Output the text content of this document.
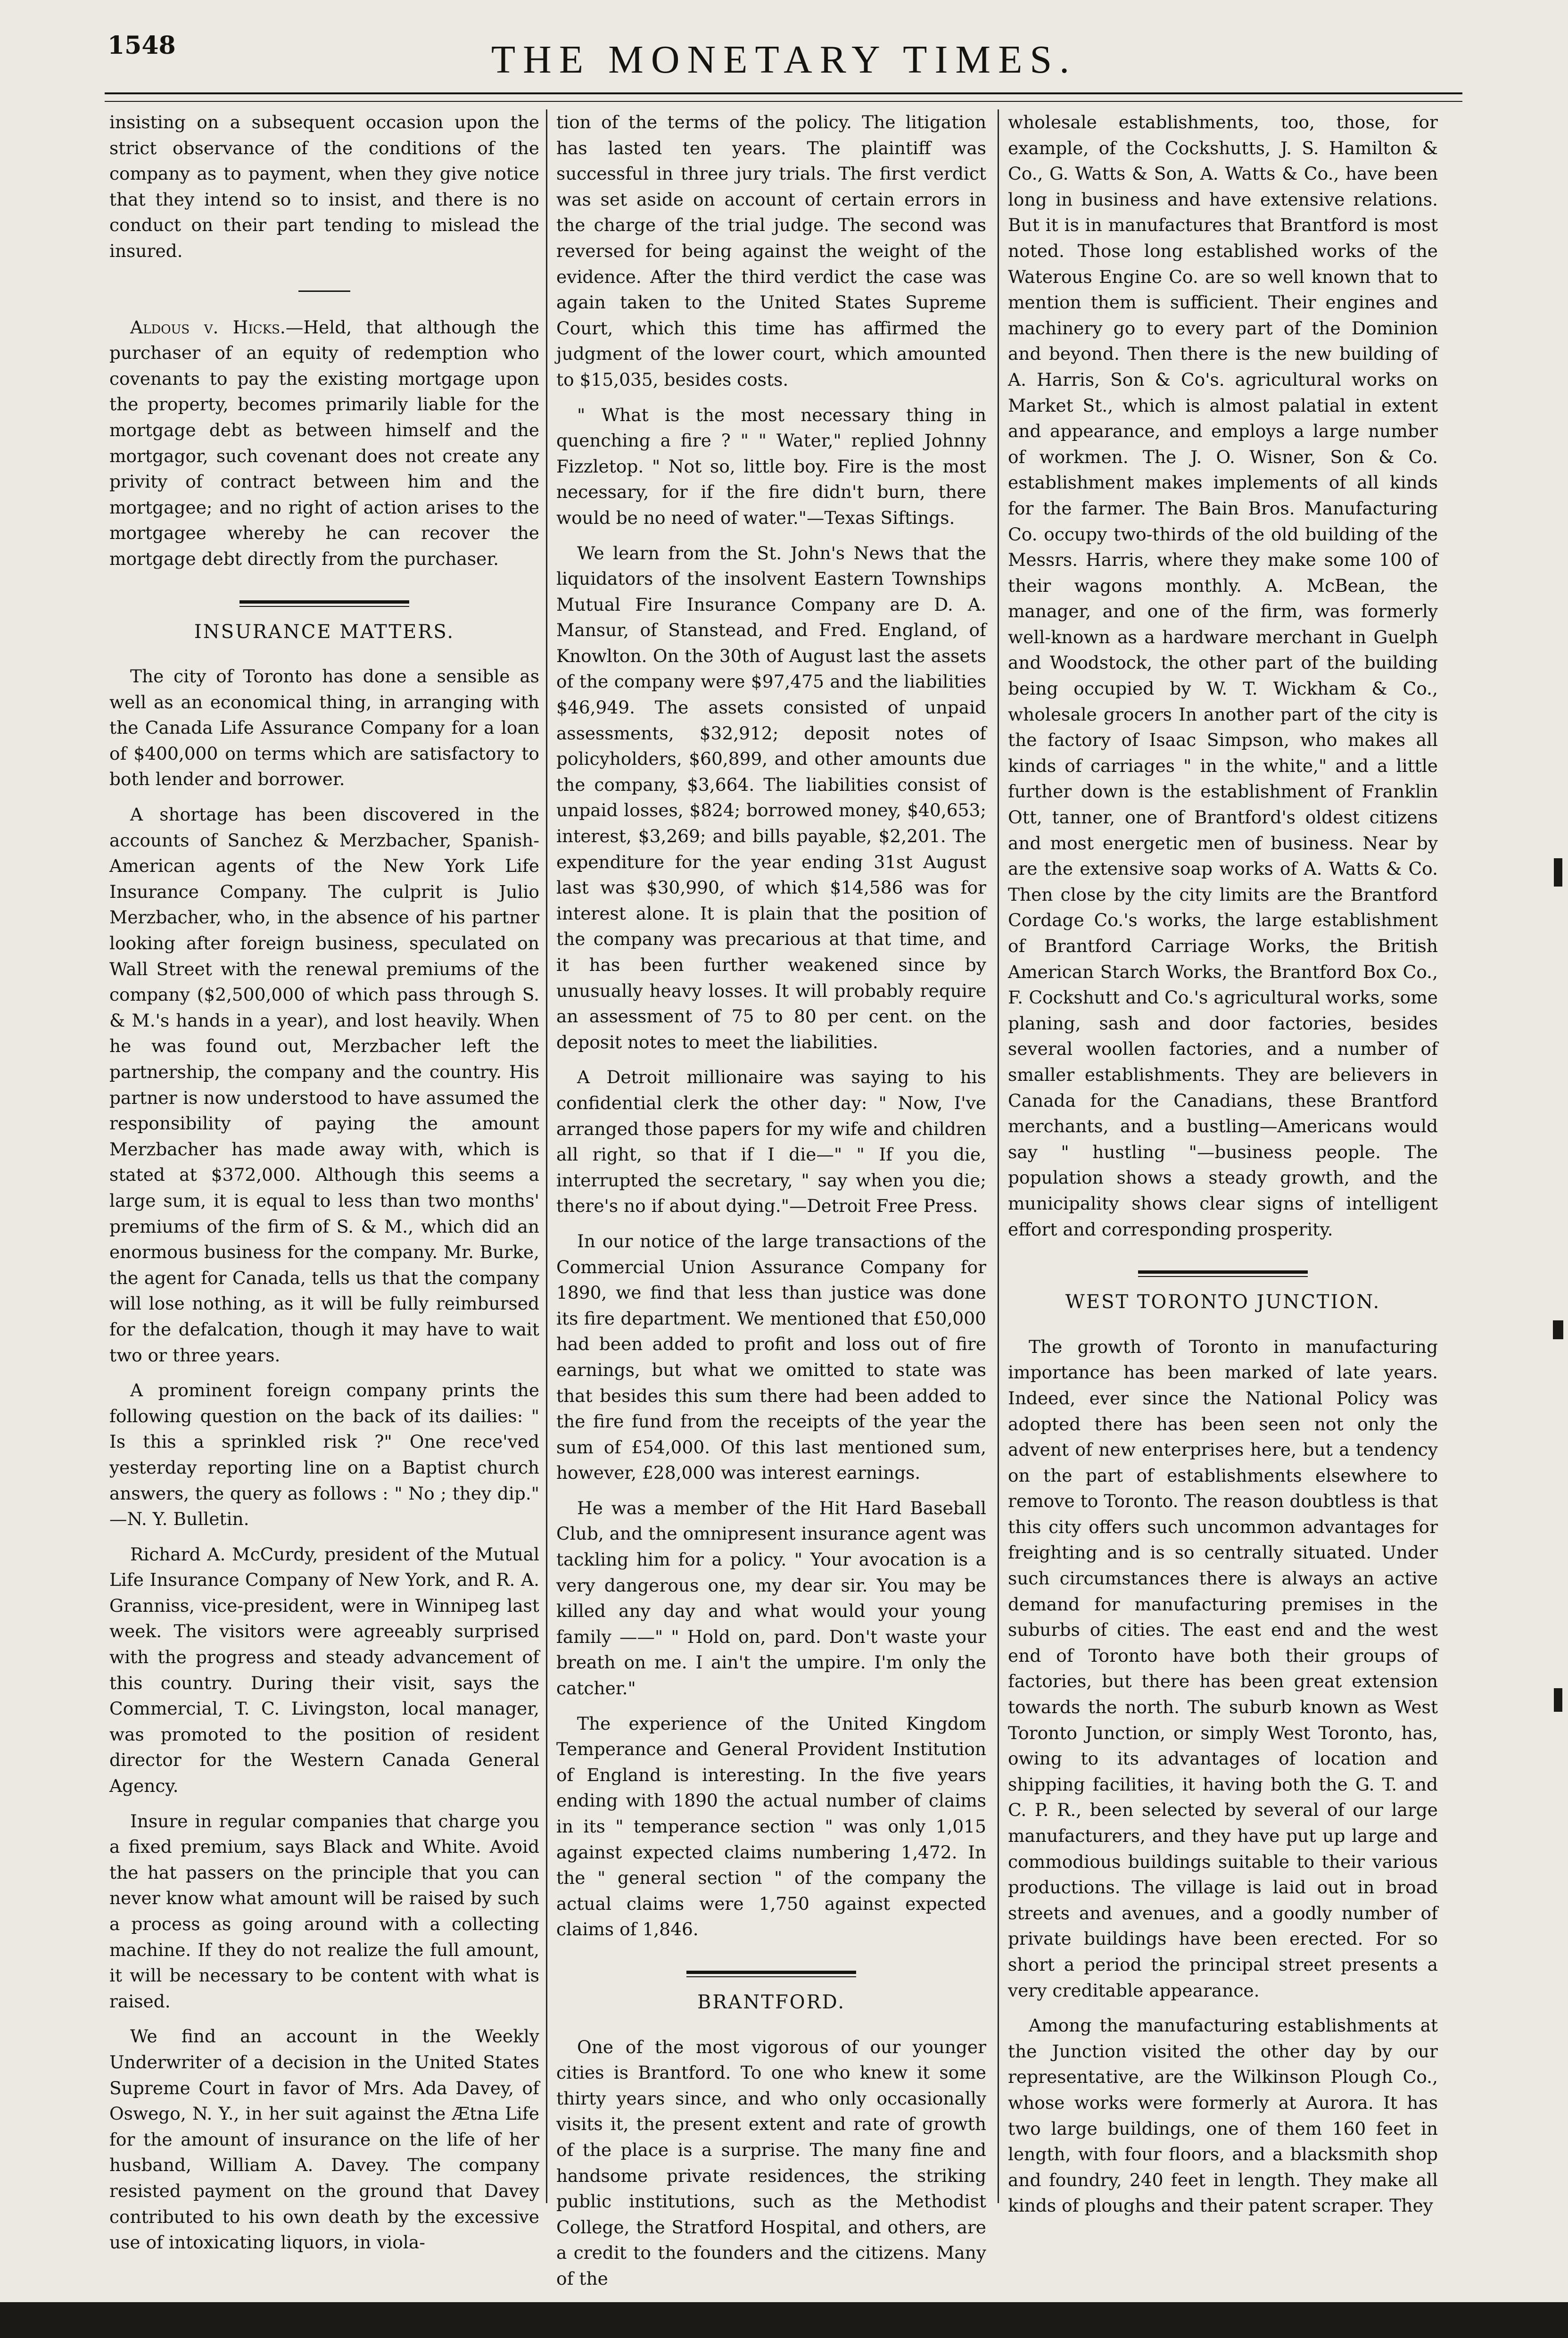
1548	THE MONETARY TIMES.

insisting on a subsequent occasion upon the strict observance of the conditions of the company as to payment, when they give notice that they intend so to insist, and there is no conduct on their part tending to mislead the insured.

Aldous v. Hicks.—Held, that although the purchaser of an equity of redemption who covenants to pay the existing mortgage upon the property, becomes primarily liable for the mortgage debt as between himself and the mortgagor, such covenant does not create any privity of contract between him and the mortgagee; and no right of action arises to the mortgagee whereby he can recover the mortgage debt directly from the purchaser.

INSURANCE MATTERS.

The city of Toronto has done a sensible as well as an economical thing, in arranging with the Canada Life Assurance Company for a loan of $400,000 on terms which are satisfactory to both lender and borrower.

A shortage has been discovered in the accounts of Sanchez & Merzbacher, Spanish-American agents of the New York Life Insurance Company. The culprit is Julio Merzbacher, who, in the absence of his partner looking after foreign business, speculated on Wall Street with the renewal premiums of the company ($2,500,000 of which pass through S. & M.'s hands in a year), and lost heavily. When he was found out, Merzbacher left the partnership, the company and the country. His partner is now understood to have assumed the responsibility of paying the amount Merzbacher has made away with, which is stated at $372,000. Although this seems a large sum, it is equal to less than two months' premiums of the firm of S. & M., which did an enormous business for the company. Mr. Burke, the agent for Canada, tells us that the company will lose nothing, as it will be fully reimbursed for the defalcation, though it may have to wait two or three years.

A prominent foreign company prints the following question on the back of its dailies: " Is this a sprinkled risk ?" One rece'ved yesterday reporting line on a Baptist church answers, the query as follows : " No ; they dip." —N. Y. Bulletin.

Richard A. McCurdy, president of the Mutual Life Insurance Company of New York, and R. A. Granniss, vice-president, were in Winnipeg last week. The visitors were agreeably surprised with the progress and steady advancement of this country. During their visit, says the Commercial, T. C. Livingston, local manager, was promoted to the position of resident director for the Western Canada General Agency.

Insure in regular companies that charge you a fixed premium, says Black and White. Avoid the hat passers on the principle that you can never know what amount will be raised by such a process as going around with a collecting machine. If they do not realize the full amount, it will be necessary to be content with what is raised.

We find an account in the Weekly Underwriter of a decision in the United States Supreme Court in favor of Mrs. Ada Davey, of Oswego, N. Y., in her suit against the Ætna Life for the amount of insurance on the life of her husband, William A. Davey. The company resisted payment on the ground that Davey contributed to his own death by the excessive use of intoxicating liquors, in viola-

tion of the terms of the policy. The litigation has lasted ten years. The plaintiff was successful in three jury trials. The first verdict was set aside on account of certain errors in the charge of the trial judge. The second was reversed for being against the weight of the evidence. After the third verdict the case was again taken to the United States Supreme Court, which this time has affirmed the judgment of the lower court, which amounted to $15,035, besides costs.

" What is the most necessary thing in quenching a fire ? " " Water," replied Johnny Fizzletop. " Not so, little boy. Fire is the most necessary, for if the fire didn't burn, there would be no need of water."—Texas Siftings.

We learn from the St. John's News that the liquidators of the insolvent Eastern Townships Mutual Fire Insurance Company are D. A. Mansur, of Stanstead, and Fred. England, of Knowlton. On the 30th of August last the assets of the company were $97,475 and the liabilities $46,949. The assets consisted of unpaid assessments, $32,912; deposit notes of policyholders, $60,899, and other amounts due the company, $3,664. The liabilities consist of unpaid losses, $824; borrowed money, $40,653; interest, $3,269; and bills payable, $2,201. The expenditure for the year ending 31st August last was $30,990, of which $14,586 was for interest alone. It is plain that the position of the company was precarious at that time, and it has been further weakened since by unusually heavy losses. It will probably require an assessment of 75 to 80 per cent. on the deposit notes to meet the liabilities.

A Detroit millionaire was saying to his confidential clerk the other day: " Now, I've arranged those papers for my wife and children all right, so that if I die—" " If you die, interrupted the secretary, " say when you die; there's no if about dying."—Detroit Free Press.

In our notice of the large transactions of the Commercial Union Assurance Company for 1890, we find that less than justice was done its fire department. We mentioned that £50,000 had been added to profit and loss out of fire earnings, but what we omitted to state was that besides this sum there had been added to the fire fund from the receipts of the year the sum of £54,000. Of this last mentioned sum, however, £28,000 was interest earnings.

He was a member of the Hit Hard Baseball Club, and the omnipresent insurance agent was tackling him for a policy. " Your avocation is a very dangerous one, my dear sir. You may be killed any day and what would your young family ——" " Hold on, pard. Don't waste your breath on me. I ain't the umpire. I'm only the catcher."

The experience of the United Kingdom Temperance and General Provident Institution of England is interesting. In the five years ending with 1890 the actual number of claims in its " temperance section " was only 1,015 against expected claims numbering 1,472. In the " general section " of the company the actual claims were 1,750 against expected claims of 1,846.

BRANTFORD.

One of the most vigorous of our younger cities is Brantford. To one who knew it some thirty years since, and who only occasionally visits it, the present extent and rate of growth of the place is a surprise. The many fine and handsome private residences, the striking public institutions, such as the Methodist College, the Stratford Hospital, and others, are a credit to the founders and the citizens. Many of the

wholesale establishments, too, those, for example, of the Cockshutts, J. S. Hamilton & Co., G. Watts & Son, A. Watts & Co., have been long in business and have extensive relations. But it is in manufactures that Brantford is most noted. Those long established works of the Waterous Engine Co. are so well known that to mention them is sufficient. Their engines and machinery go to every part of the Dominion and beyond. Then there is the new building of A. Harris, Son & Co's. agricultural works on Market St., which is almost palatial in extent and appearance, and employs a large number of workmen. The J. O. Wisner, Son & Co. establishment makes implements of all kinds for the farmer. The Bain Bros. Manufacturing Co. occupy two-thirds of the old building of the Messrs. Harris, where they make some 100 of their wagons monthly. A. McBean, the manager, and one of the firm, was formerly well-known as a hardware merchant in Guelph and Woodstock, the other part of the building being occupied by W. T. Wickham & Co., wholesale grocers In another part of the city is the factory of Isaac Simpson, who makes all kinds of carriages " in the white," and a little further down is the establishment of Franklin Ott, tanner, one of Brantford's oldest citizens and most energetic men of business. Near by are the extensive soap works of A. Watts & Co. Then close by the city limits are the Brantford Cordage Co.'s works, the large establishment of Brantford Carriage Works, the British American Starch Works, the Brantford Box Co., F. Cockshutt and Co.'s agricultural works, some planing, sash and door factories, besides several woollen factories, and a number of smaller establishments. They are believers in Canada for the Canadians, these Brantford merchants, and a bustling—Americans would say " hustling "—business people. The population shows a steady growth, and the municipality shows clear signs of intelligent effort and corresponding prosperity.

WEST TORONTO JUNCTION.

The growth of Toronto in manufacturing importance has been marked of late years. Indeed, ever since the National Policy was adopted there has been seen not only the advent of new enterprises here, but a tendency on the part of establishments elsewhere to remove to Toronto. The reason doubtless is that this city offers such uncommon advantages for freighting and is so centrally situated. Under such circumstances there is always an active demand for manufacturing premises in the suburbs of cities. The east end and the west end of Toronto have both their groups of factories, but there has been great extension towards the north. The suburb known as West Toronto Junction, or simply West Toronto, has, owing to its advantages of location and shipping facilities, it having both the G. T. and C. P. R., been selected by several of our large manufacturers, and they have put up large and commodious buildings suitable to their various productions. The village is laid out in broad streets and avenues, and a goodly number of private buildings have been erected. For so short a period the principal street presents a very creditable appearance.

Among the manufacturing establishments at the Junction visited the other day by our representative, are the Wilkinson Plough Co., whose works were formerly at Aurora. It has two large buildings, one of them 160 feet in length, with four floors, and a blacksmith shop and foundry, 240 feet in length. They make all kinds of ploughs and their patent scraper. They
